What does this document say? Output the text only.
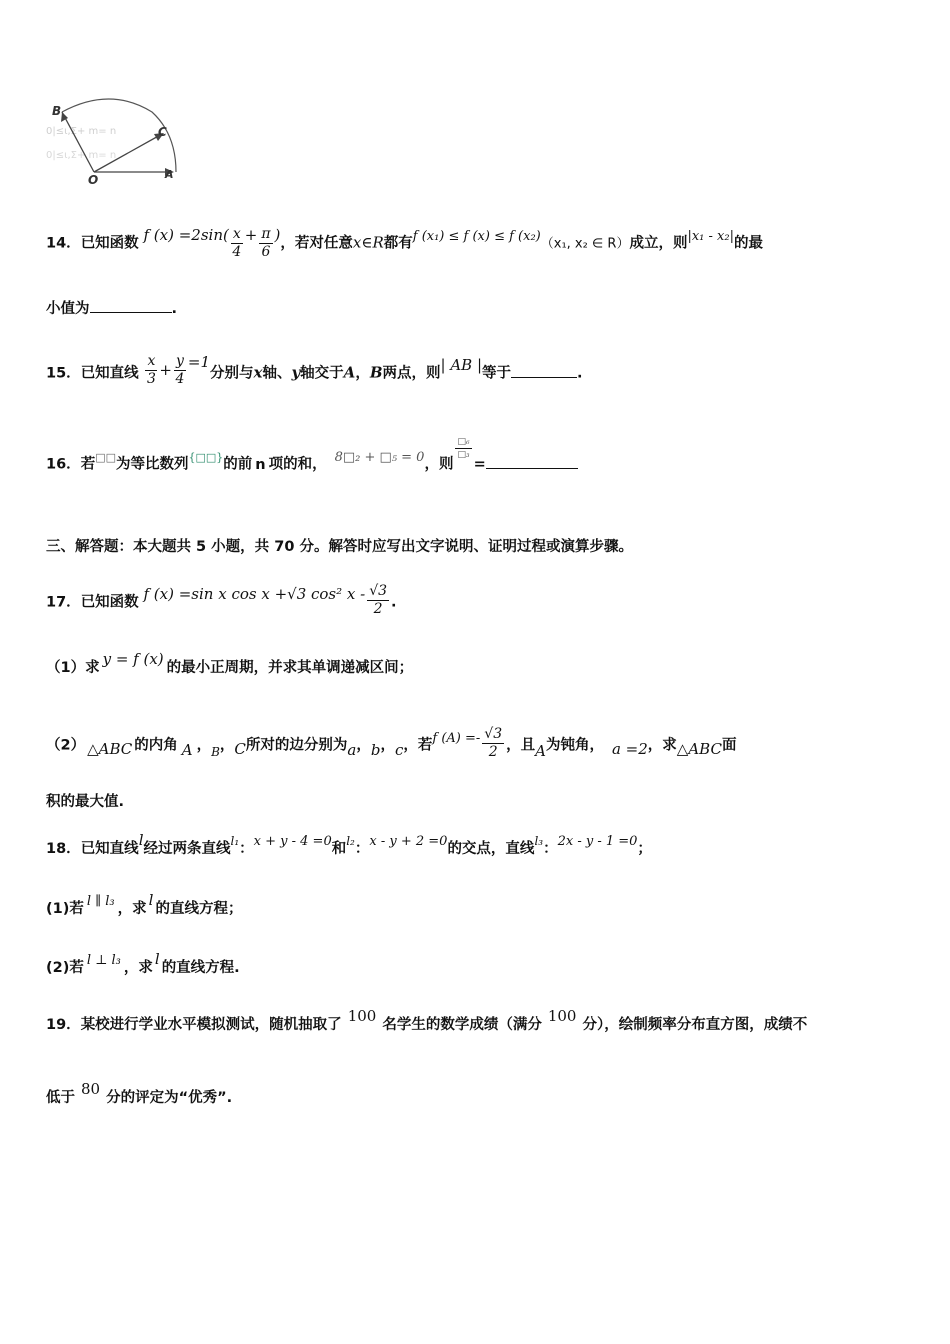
0|≤ι,Σ+ m= n
0|≤ι,Σ+ m= n
B
C
O	A
14．已知函数 f $(x) =2\sin( \frac{x}{4} + \frac{\pi}{6}$ )，若对任意x∈R都有f (x₁) ≤ f (x) ≤ f (x₂)（x₁, x₂ ∈ R）成立，则|x₁ - x₂|的最
小值为	.
15．已知直线 $\frac{x}{3} + \frac{y}{4} =1$分别与x轴、y轴交于A，B两点，则| AB |等于	.
16．若□□为等比数列{□□}的前 n 项的和， 8□₂ + □₅ = 0，则
$\frac{\text{□₆}}{\text{□₃}}$
=
三、解答题：本大题共 5 小题，共 70 分。解答时应写出文字说明、证明过程或演算步骤。
17．已知函数 f (x) =sin x cos x +√3 cos² x - $\frac{√3}{2}$ .
（1）求 y = f (x) 的最小正周期，并求其单调递减区间；
（2） △ABC 的内角 A ，$_B$，C所对的边分别为a，b，c，若f $(A) =- \frac{√3}{2}$ ，且A为钝角， a =2，求△ABC面
积的最大值.
18．已知直线l经过两条直线$^{l_1}$：x + y - 4 =0和$^{l_2}$：x - y + 2 =0的交点，直线$^{l_3}$：2x - y - 1 =0；
(1)若 l ∥ l₃ ，求 l 的直线方程；
(2)若 l ⊥ l₃ ，求 l 的直线方程.
19．某校进行学业水平模拟测试，随机抽取了 100 名学生的数学成绩（满分 100 分），绘制频率分布直方图，成绩不
低于 80 分的评定为“优秀”.
